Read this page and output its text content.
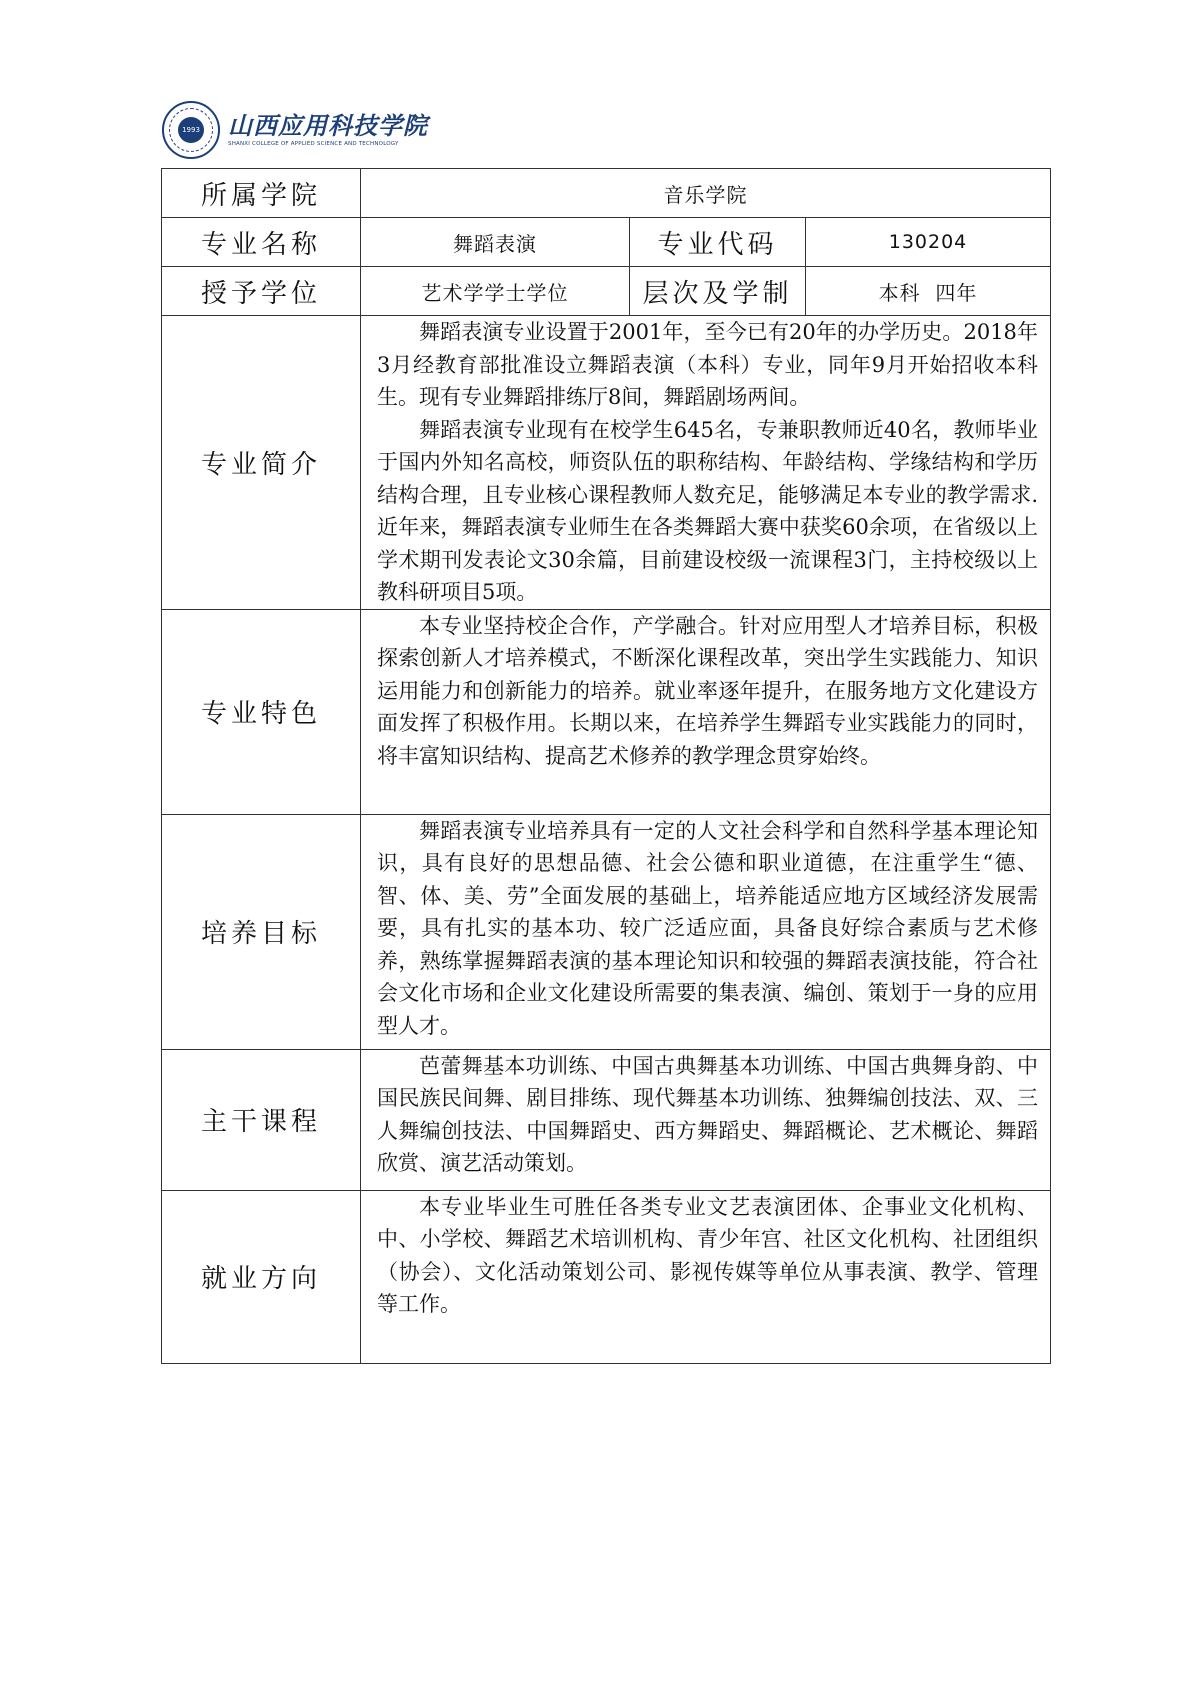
1993 山西应用科技学院
SHANXI COLLEGE OF APPLIED SCIENCE AND TECHNOLOGY
所属学院	音乐学院		
专业名称	舞蹈表演	专业代码	130204
授予学位	艺术学学士学位	层次及学制	本科  四年
专业简介	舞蹈表演专业设置于2001年，至今已有20年的办学历史。2018年3月经教育部批准设立舞蹈表演（本科）专业，同年9月开始招收本科生。现有专业舞蹈排练厅8间，舞蹈剧场两间。

舞蹈表演专业现有在校学生645名，专兼职教师近40名，教师毕业于国内外知名高校，师资队伍的职称结构、年龄结构、学缘结构和学历结构合理，且专业核心课程教师人数充足，能够满足本专业的教学需求.近年来，舞蹈表演专业师生在各类舞蹈大赛中获奖60余项，在省级以上学术期刊发表论文30余篇，目前建设校级一流课程3门，主持校级以上教科研项目5项。		

专业特色	本专业坚持校企合作，产学融合。针对应用型人才培养目标，积极探索创新人才培养模式，不断深化课程改革，突出学生实践能力、知识运用能力和创新能力的培养。就业率逐年提升，在服务地方文化建设方面发挥了积极作用。长期以来，在培养学生舞蹈专业实践能力的同时，将丰富知识结构、提高艺术修养的教学理念贯穿始终。		

培养目标	舞蹈表演专业培养具有一定的人文社会科学和自然科学基本理论知识，具有良好的思想品德、社会公德和职业道德，在注重学生“德、智、体、美、劳”全面发展的基础上，培养能适应地方区域经济发展需要，具有扎实的基本功、较广泛适应面，具备良好综合素质与艺术修养，熟练掌握舞蹈表演的基本理论知识和较强的舞蹈表演技能，符合社会文化市场和企业文化建设所需要的集表演、编创、策划于一身的应用型人才。		

主干课程	芭蕾舞基本功训练、中国古典舞基本功训练、中国古典舞身韵、中国民族民间舞、剧目排练、现代舞基本功训练、独舞编创技法、双、三人舞编创技法、中国舞蹈史、西方舞蹈史、舞蹈概论、艺术概论、舞蹈欣赏、演艺活动策划。		

就业方向	本专业毕业生可胜任各类专业文艺表演团体、企事业文化机构、中、小学校、舞蹈艺术培训机构、青少年宫、社区文化机构、社团组织（协会）、文化活动策划公司、影视传媒等单位从事表演、教学、管理等工作。		
